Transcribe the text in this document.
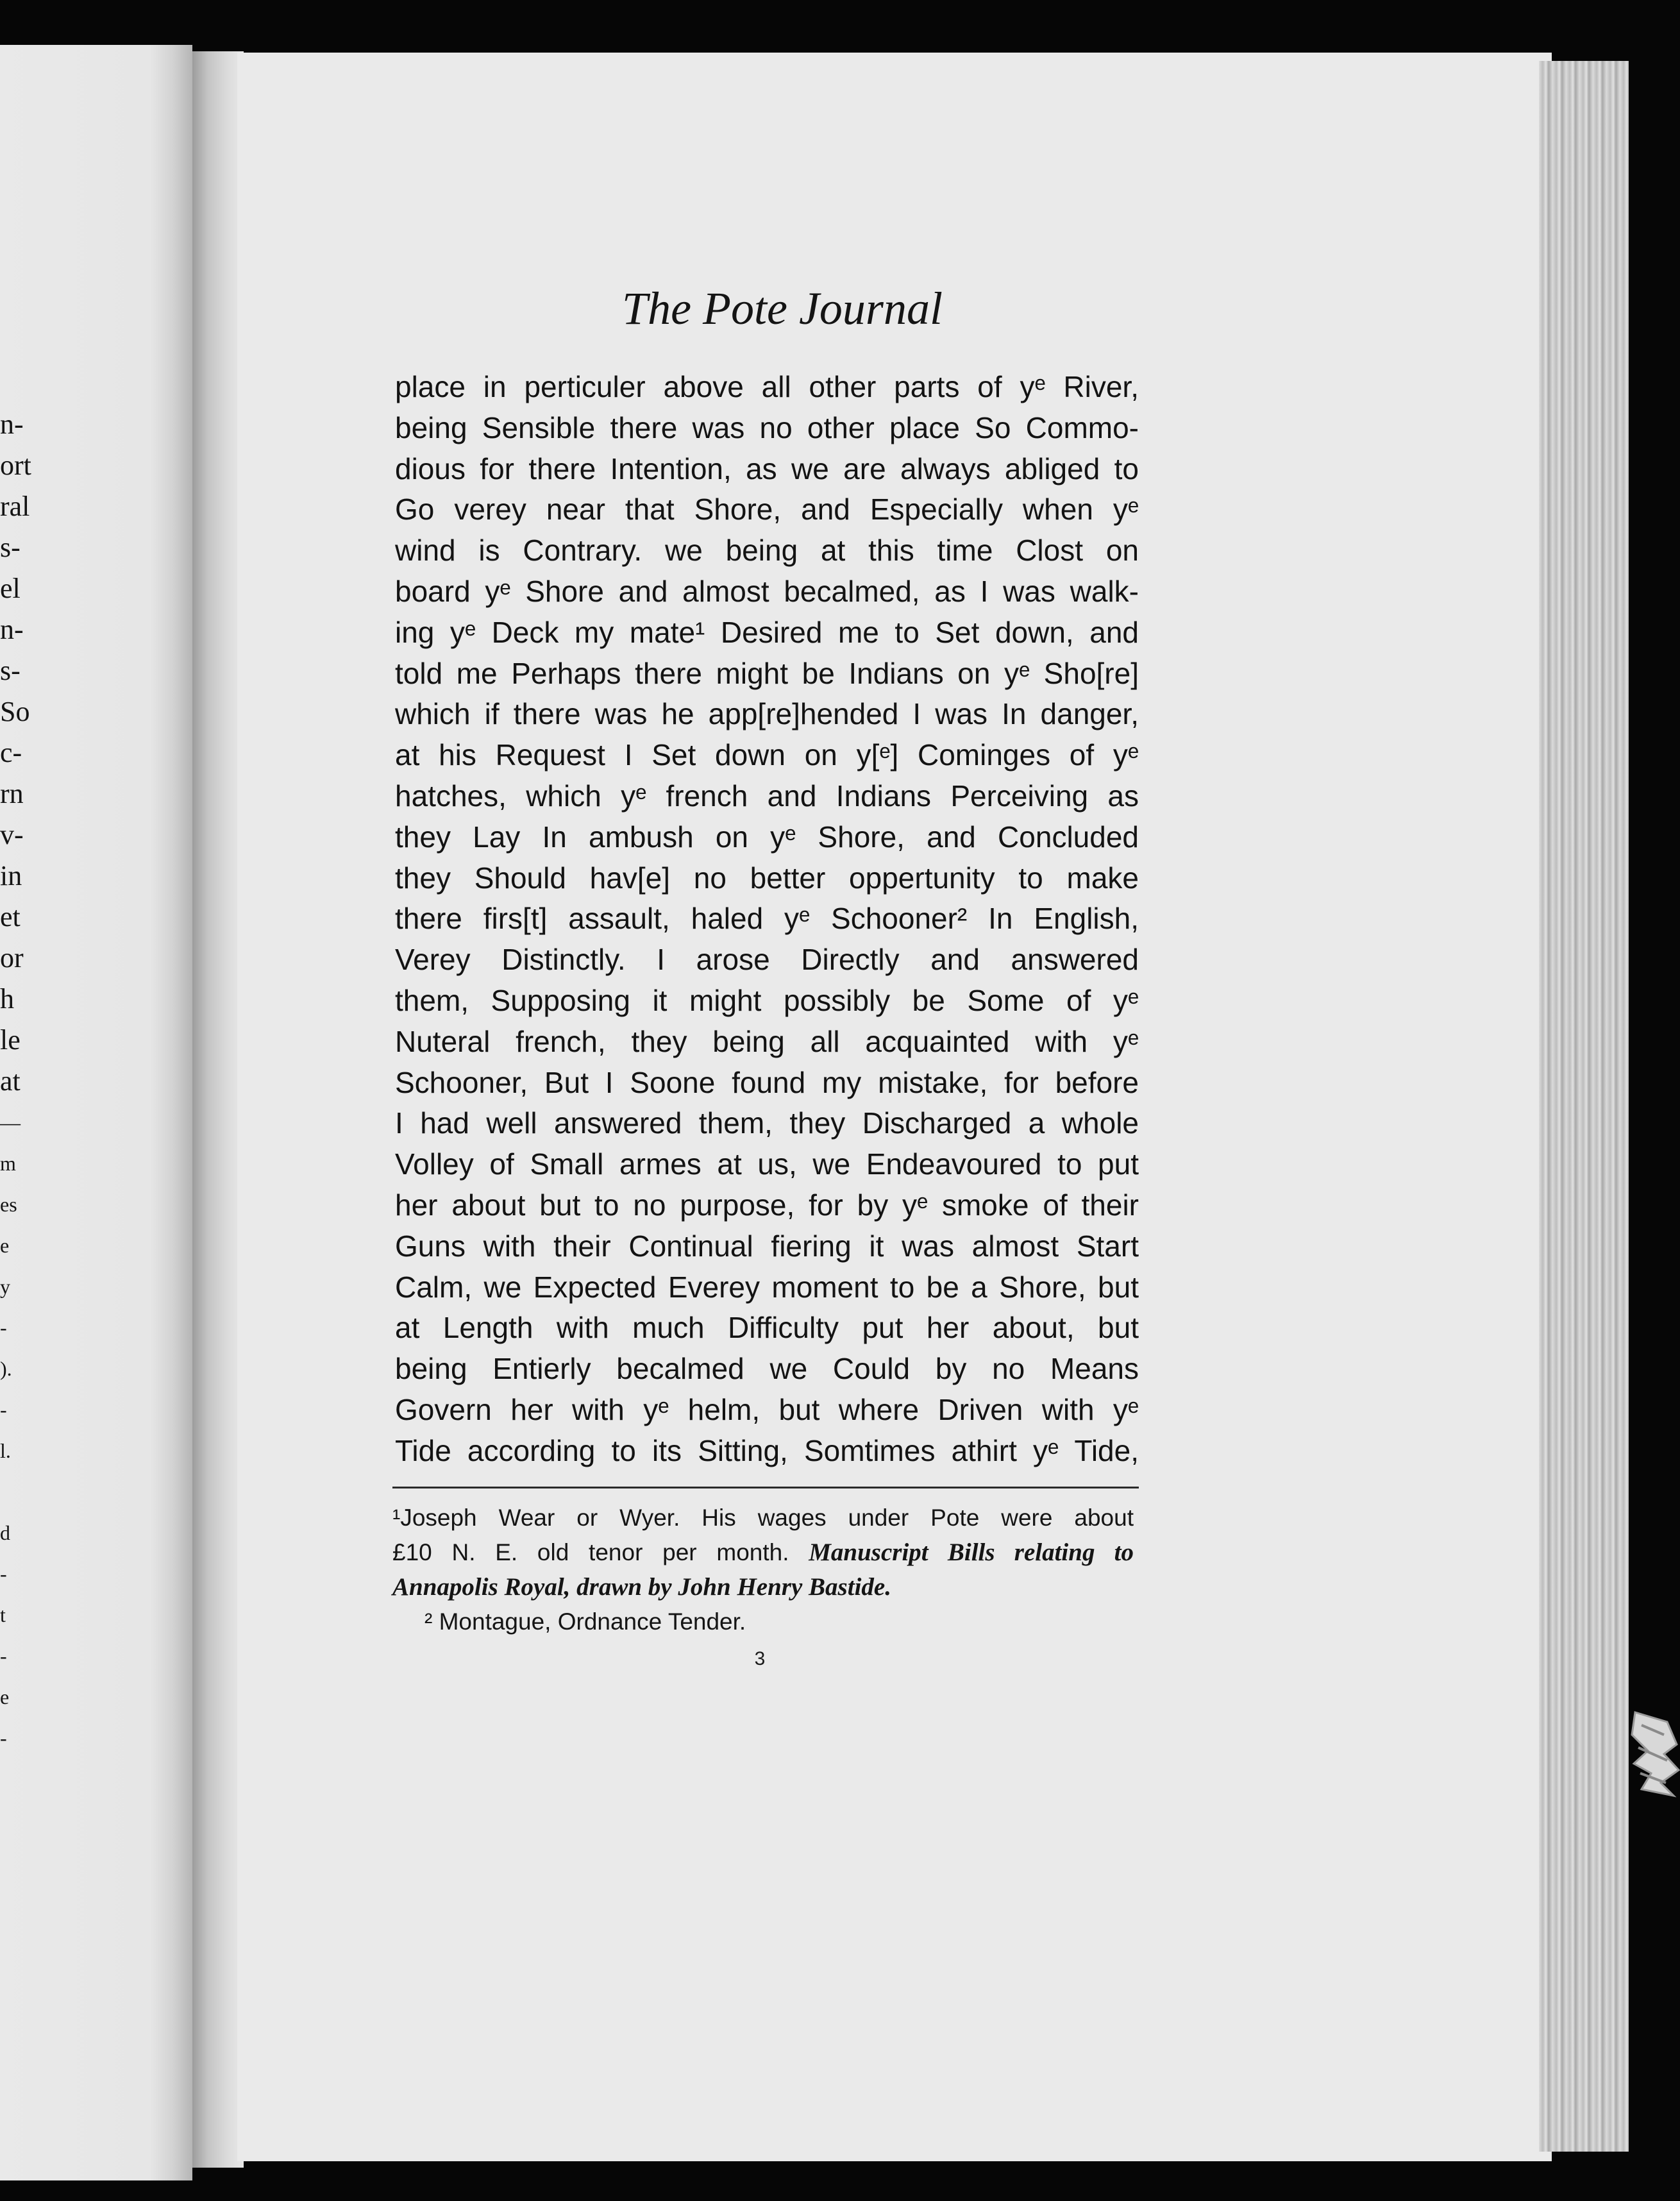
n-
ort
ral
s-
el
n-
s-
So
c-
rn
v-
in
et
or
h
le
at
—
m
es
e
y
-
).
-
l.
d
-
t
-
e
-
The Pote Journal
place in perticuler above all other parts of yᵉ River,
being Sensible there was no other place So Commo-
dious for there Intention, as we are always abliged to
Go verey near that Shore, and Especially when yᵉ
wind is Contrary. we being at this time Clost on
board yᵉ Shore and almost becalmed, as I was walk-
ing yᵉ Deck my mate¹ Desired me to Set down, and
told me Perhaps there might be Indians on yᵉ Sho[re]
which if there was he app[re]hended I was In danger,
at his Request I Set down on y[ᵉ] Cominges of yᵉ
hatches, which yᵉ french and Indians Perceiving as
they Lay In ambush on yᵉ Shore, and Concluded
they Should hav[e] no better oppertunity to make
there firs[t] assault, haled yᵉ Schooner² In English,
Verey Distinctly. I arose Directly and answered
them, Supposing it might possibly be Some of yᵉ
Nuteral french, they being all acquainted with yᵉ
Schooner, But I Soone found my mistake, for before
I had well answered them, they Discharged a whole
Volley of Small armes at us, we Endeavoured to put
her about but to no purpose, for by yᵉ smoke of their
Guns with their Continual fiering it was almost Start
Calm, we Expected Everey moment to be a Shore, but
at Length with much Difficulty put her about, but
being Entierly becalmed we Could by no Means
Govern her with yᵉ helm, but where Driven with yᵉ
Tide according to its Sitting, Somtimes athirt yᵉ Tide,
¹Joseph Wear or Wyer. His wages under Pote were about
£10 N. E. old tenor per month. Manuscript Bills relating to
Annapolis Royal, drawn by John Henry Bastide.
² Montague, Ordnance Tender.
3
